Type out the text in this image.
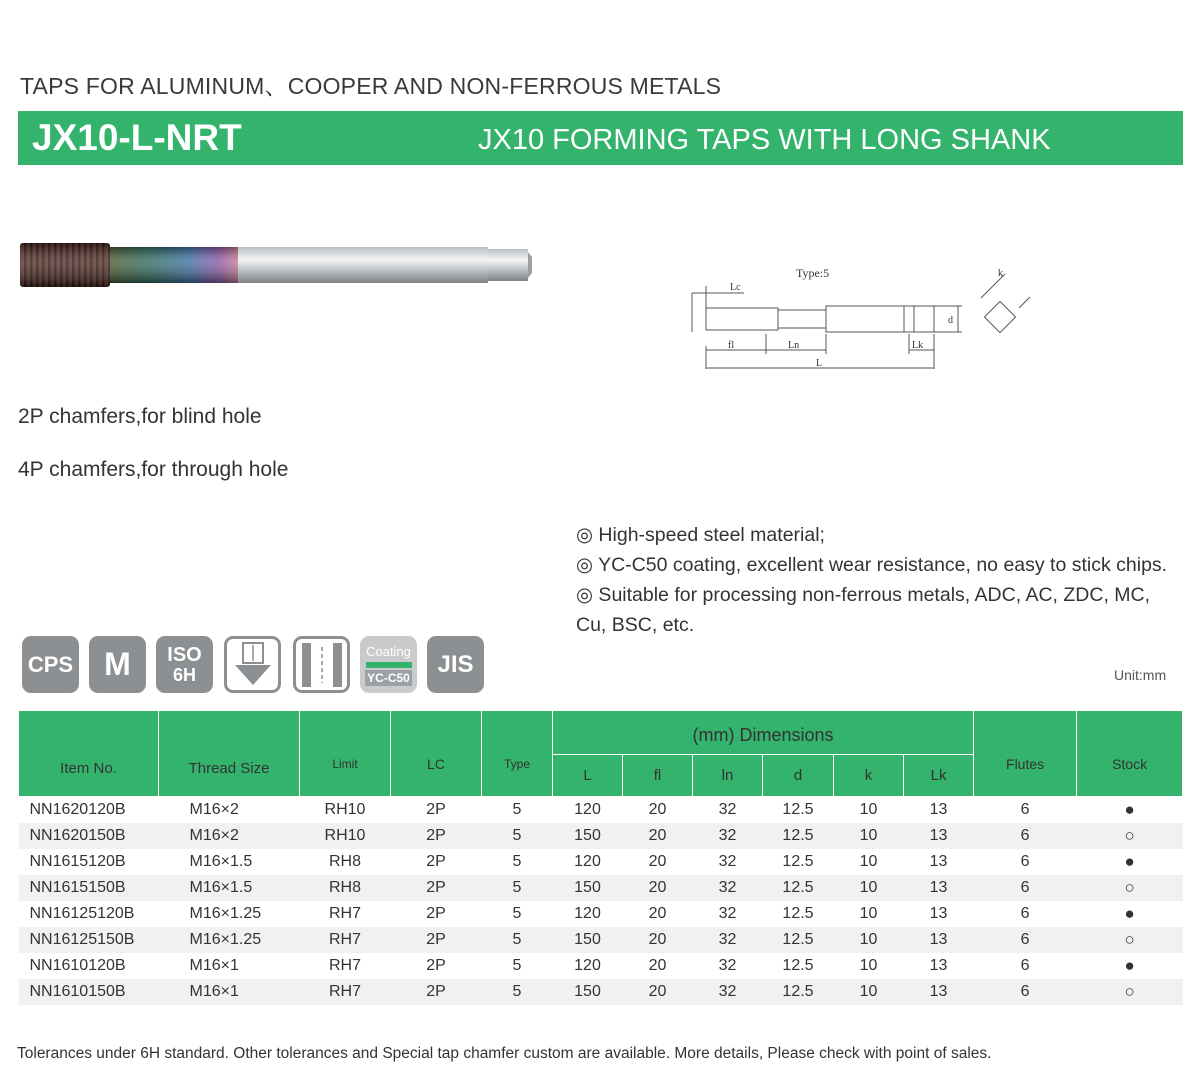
TAPS FOR ALUMINUM、COOPER AND NON-FERROUS METALS
JX10-L-NRT	JX10 FORMING TAPS WITH LONG SHANK
Type:5
Lc
fl	Ln	Lk
L
d
k
2P chamfers,for blind hole
4P chamfers,for through hole
◎ High-speed steel material;
◎ YC-C50 coating, excellent wear resistance, no easy to stick chips.
◎ Suitable for processing non-ferrous metals, ADC, AC, ZDC, MC,
Cu, BSC, etc.
CPS M ISO
6H
Coating
YC-C50 JIS	Unit:mm
Item No.	Thread Size	Limit	LC	Type	(mm) Dimensions						Flutes	Stock
					L	fl	ln	d	k	Lk		
NN1620120B	M16×2	RH10	2P	5	120	20	32	12.5	10	13	6	●
NN1620150B	M16×2	RH10	2P	5	150	20	32	12.5	10	13	6	○
NN1615120B	M16×1.5	RH8	2P	5	120	20	32	12.5	10	13	6	●
NN1615150B	M16×1.5	RH8	2P	5	150	20	32	12.5	10	13	6	○
NN16125120B	M16×1.25	RH7	2P	5	120	20	32	12.5	10	13	6	●
NN16125150B	M16×1.25	RH7	2P	5	150	20	32	12.5	10	13	6	○
NN1610120B	M16×1	RH7	2P	5	120	20	32	12.5	10	13	6	●
NN1610150B	M16×1	RH7	2P	5	150	20	32	12.5	10	13	6	○
Tolerances under 6H standard. Other tolerances and Special tap chamfer custom are available. More details, Please check with point of sales.
